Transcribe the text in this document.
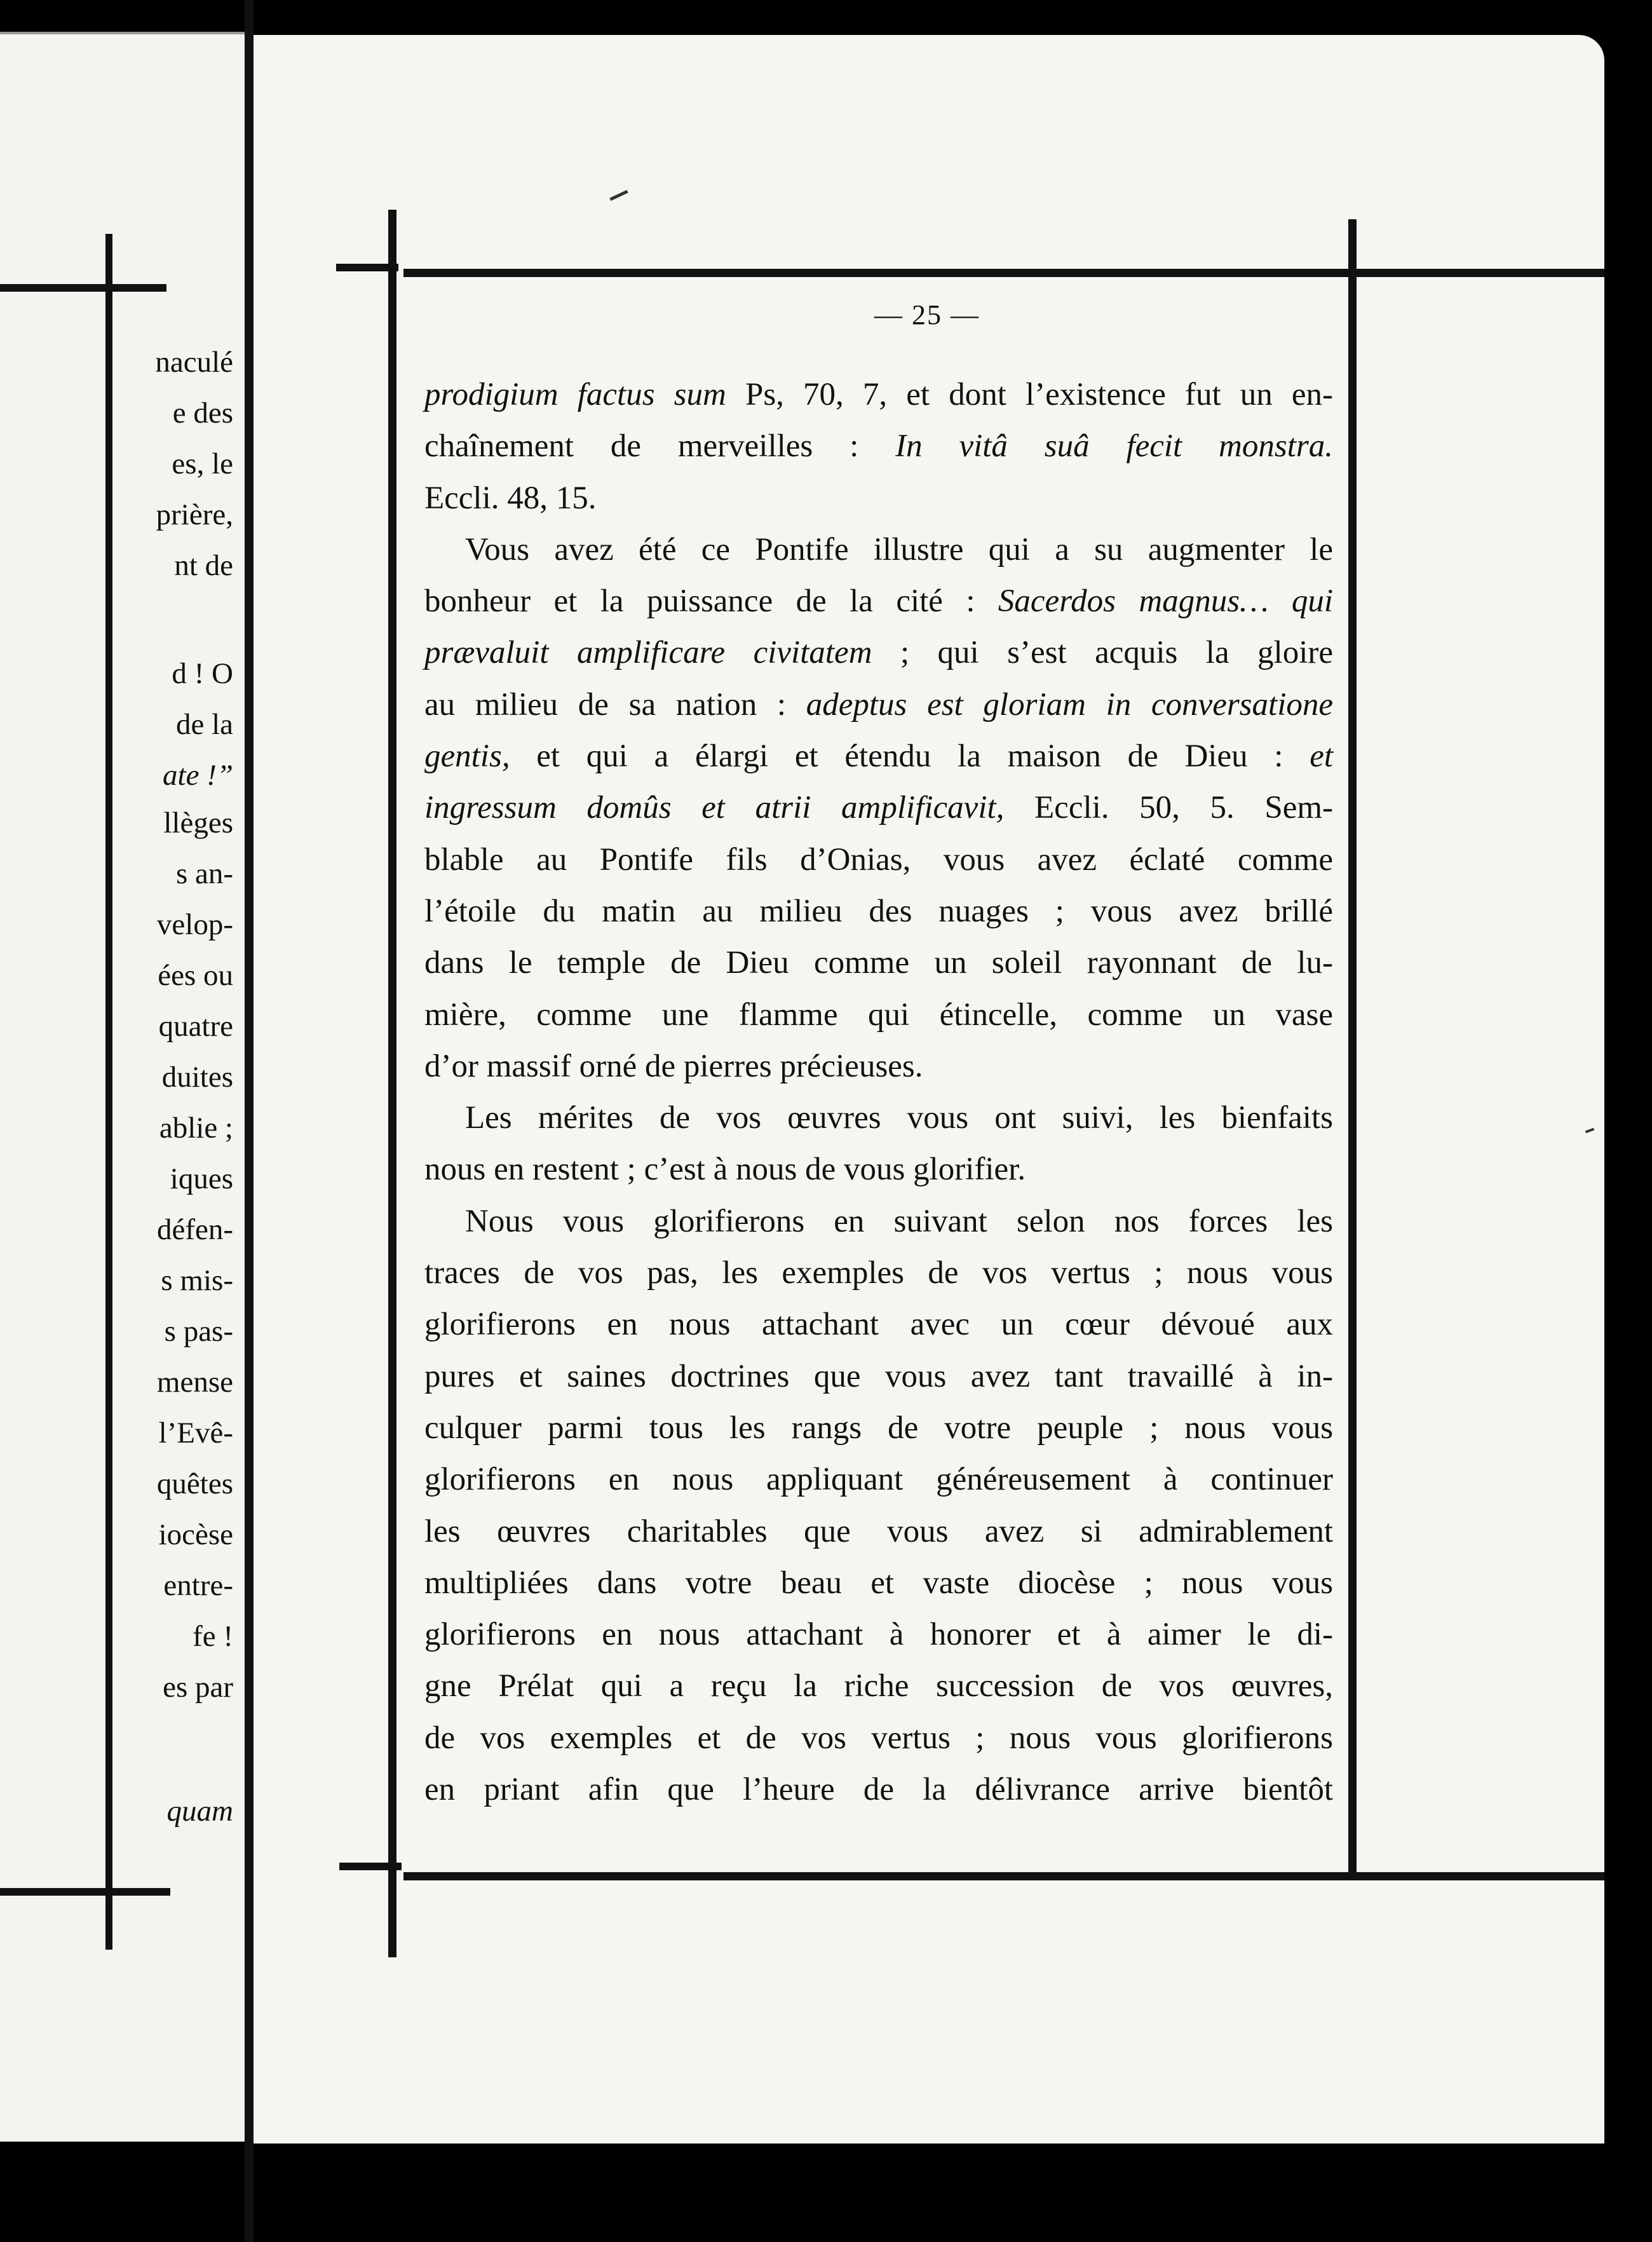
naculé
e des
es, le
prière,
nt de
d ! O
de la
ate !”
llèges
s an-
velop-
ées ou
quatre
duites
ablie ;
iques
défen-
s mis-
s pas-
mense
l’Evê-
quêtes
iocèse
entre-
fe !
es par
quam
— 25 —
prodigium factus sum Ps, 70, 7, et dont l’existence fut un en-
chaînement de merveilles : In vitâ suâ fecit monstra.
Eccli. 48, 15.
Vous avez été ce Pontife illustre qui a su augmenter le
bonheur et la puissance de la cité : Sacerdos magnus… qui
prævaluit amplificare civitatem ; qui s’est acquis la gloire
au milieu de sa nation : adeptus est gloriam in conversatione
gentis, et qui a élargi et étendu la maison de Dieu : et
ingressum domûs et atrii amplificavit, Eccli. 50, 5. Sem-
blable au Pontife fils d’Onias, vous avez éclaté comme
l’étoile du matin au milieu des nuages ; vous avez brillé
dans le temple de Dieu comme un soleil rayonnant de lu-
mière, comme une flamme qui étincelle, comme un vase
d’or massif orné de pierres précieuses.
Les mérites de vos œuvres vous ont suivi, les bienfaits
nous en restent ; c’est à nous de vous glorifier.
Nous vous glorifierons en suivant selon nos forces les
traces de vos pas, les exemples de vos vertus ; nous vous
glorifierons en nous attachant avec un cœur dévoué aux
pures et saines doctrines que vous avez tant travaillé à in-
culquer parmi tous les rangs de votre peuple ; nous vous
glorifierons en nous appliquant généreusement à continuer
les œuvres charitables que vous avez si admirablement
multipliées dans votre beau et vaste diocèse ; nous vous
glorifierons en nous attachant à honorer et à aimer le di-
gne Prélat qui a reçu la riche succession de vos œuvres,
de vos exemples et de vos vertus ; nous vous glorifierons
en priant afin que l’heure de la délivrance arrive bientôt
